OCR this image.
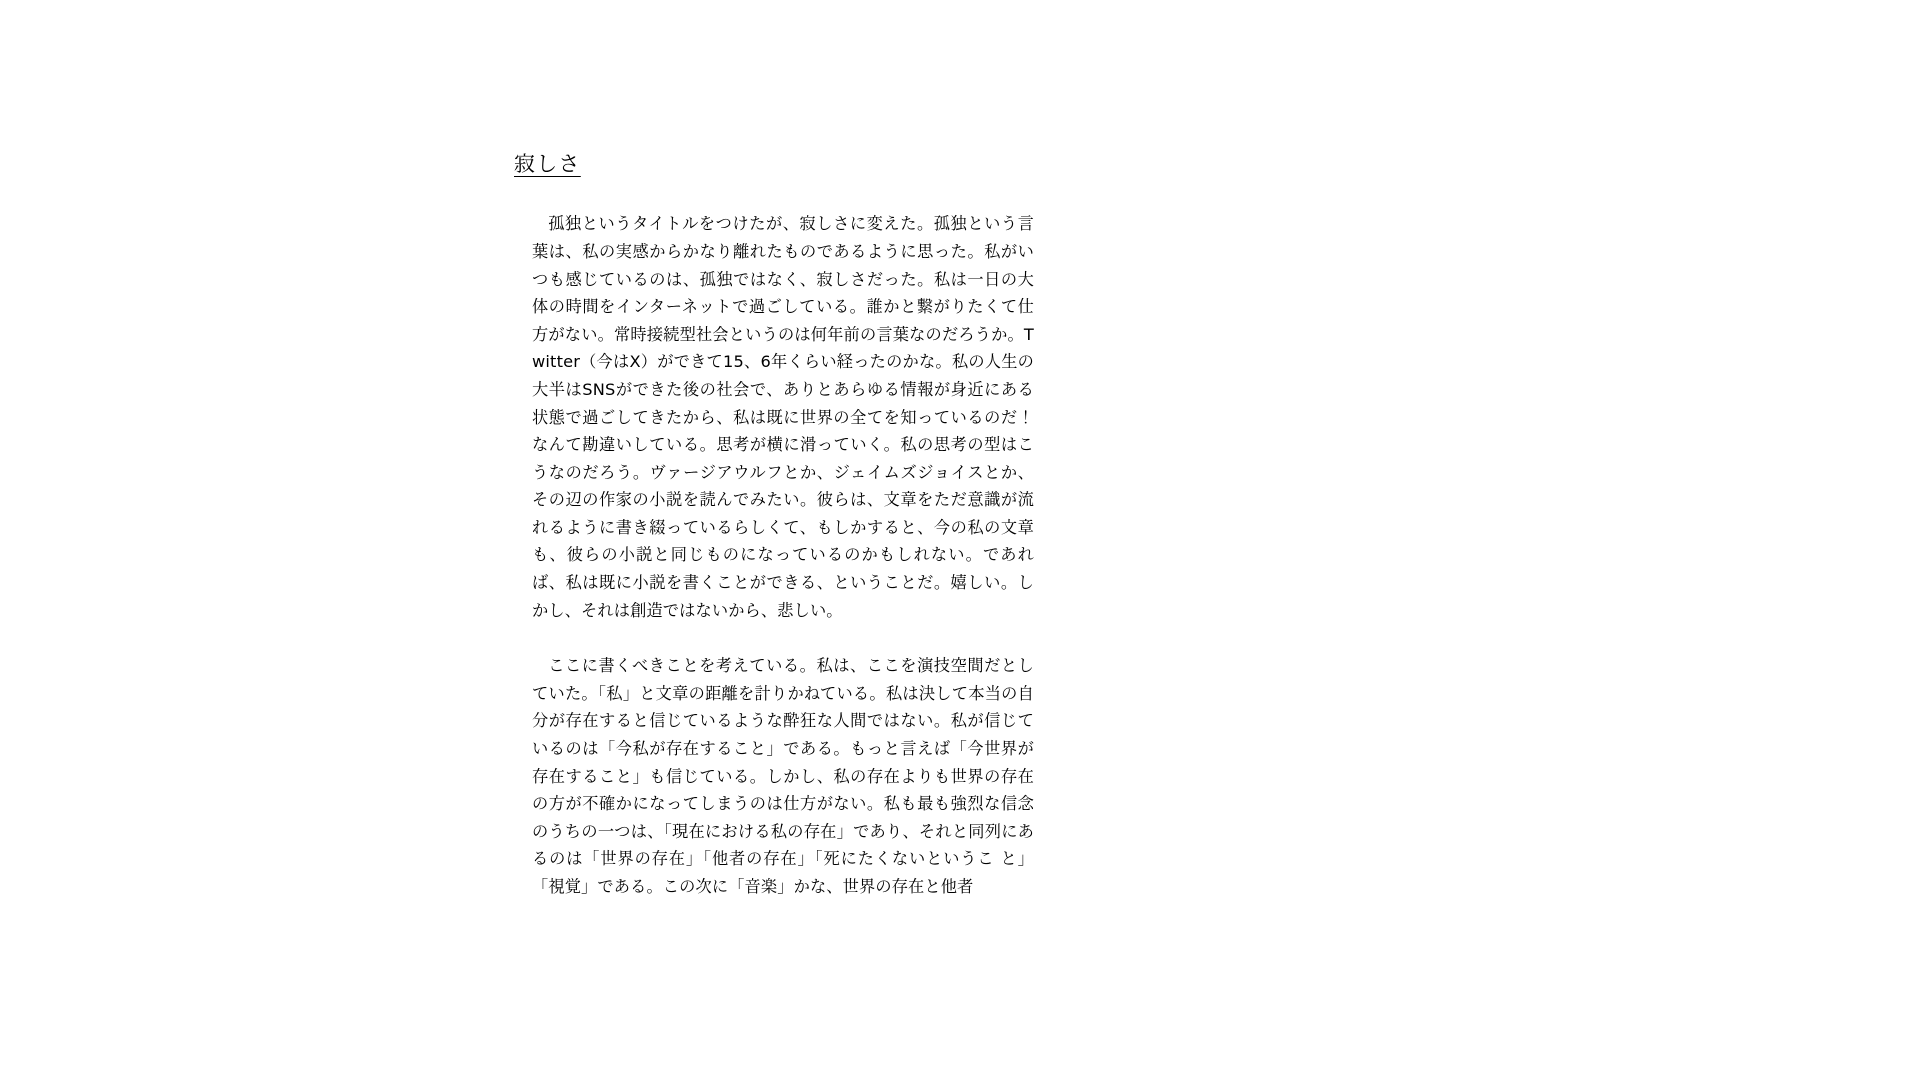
寂しさ

孤独というタイトルをつけたが、寂しさに変えた。孤独という言葉は、私の実感からかなり離れたものであるように思った。私がいつも感じているのは、孤独ではなく、寂しさだった。私は一日の大体の時間をインターネットで過ごしている。誰かと繋がりたくて仕方がない。常時接続型社会というのは何年前の言葉なのだろうか。Twitter（今はX）ができて15、6年くらい経ったのかな。私の人生の大半はSNSができた後の社会で、ありとあらゆる情報が身近にある状態で過ごしてきたから、私は既に世界の全てを知っているのだ！なんて勘違いしている。思考が横に滑っていく。私の思考の型はこうなのだろう。ヴァージアウルフとか、ジェイムズジョイスとか、その辺の作家の小説を読んでみたい。彼らは、文章をただ意識が流れるように書き綴っているらしくて、もしかすると、今の私の文章も、彼らの小説と同じものになっているのかもしれない。であれば、私は既に小説を書くことができる、ということだ。嬉しい。しかし、それは創造ではないから、悲しい。

ここに書くべきことを考えている。私は、ここを演技空間だとしていた。「私」と文章の距離を計りかねている。私は決して本当の自分が存在すると信じているような酔狂な人間ではない。私が信じているのは「今私が存在すること」である。もっと言えば「今世界が存在すること」も信じている。しかし、私の存在よりも世界の存在の方が不確かになってしまうのは仕方がない。私も最も強烈な信念のうちの一つは、「現在における私の存在」であり、それと同列にあるのは「世界の存在」「他者の存在」「死にたくないというこ と」「視覚」である。この次に「音楽」かな、世界の存在と他者
